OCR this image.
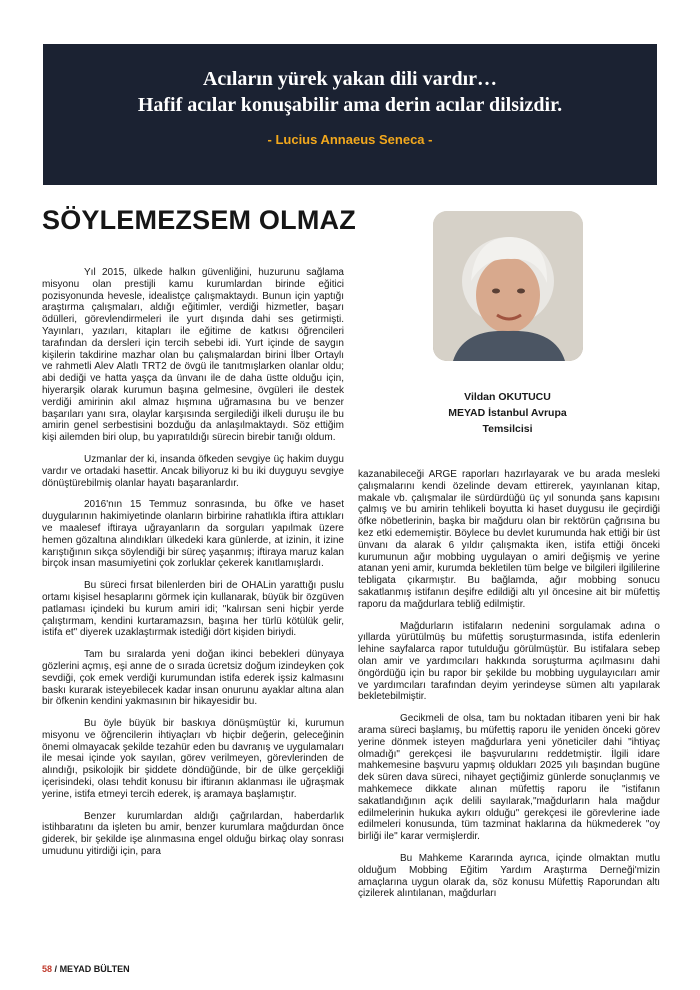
Acıların yürek yakan dili vardır…
Hafif acılar konuşabilir ama derin acılar dilsizdir.
- Lucius Annaeus Seneca -
SÖYLEMEZSEM OLMAZ
Vildan OKUTUCU
MEYAD İstanbul Avrupa
Temsilcisi

Yıl 2015, ülkede halkın güvenliğini, huzurunu sağlama misyonu olan prestijli kamu kurumlardan birinde eğitici pozisyonunda hevesle, idealistçe çalışmaktaydı. Bunun için yaptığı araştırma çalışmaları, aldığı eğitimler, verdiği hizmetler, başarı ödülleri, görevlendirmeleri ile yurt dışında dahi ses getirmişti. Yayınları, yazıları, kitapları ile eğitime de katkısı öğrencileri tarafından da dersleri için tercih sebebi idi. Yurt içinde de saygın kişilerin takdirine mazhar olan bu çalışmalardan birini İlber Ortaylı ve rahmetli Alev Alatlı TRT2 de övgü ile tanıtmışlarken olanlar oldu; abi dediği ve hatta yaşça da ünvanı ile de daha üstte olduğu için, hiyerarşik olarak kurumun başına gelmesine, övgüleri ile destek verdiği amirinin akıl almaz hışmına uğramasına bu ve benzer başarıları yanı sıra, olaylar karşısında sergilediği ilkeli duruşu ile bu amirin genel serbestisini bozduğu da anlaşılmaktaydı. Söz ettiğim kişi ailemden biri olup, bu yapıratıldığı sürecin birebir tanığı oldum.

Uzmanlar der ki, insanda öfkeden sevgiye üç hakim duygu vardır ve ortadaki hasettir. Ancak biliyoruz ki bu iki duyguyu sevgiye dönüştürebilmiş olanlar hayatı başaranlardır.

2016'nın 15 Temmuz sonrasında, bu öfke ve haset duygularının hakimiyetinde olanların birbirine rahatlıkla iftira attıkları ve maalesef iftiraya uğrayanların da sorguları yapılmak üzere hemen gözaltına alındıkları ülkedeki kara günlerde, at izinin, it izine karıştığının sıkça söylendiği bir süreç yaşanmış; iftiraya maruz kalan birçok insan masumiyetini çok zorluklar çekerek kanıtlamışlardı.

Bu süreci fırsat bilenlerden biri de OHALin yarattığı puslu ortamı kişisel hesaplarını görmek için kullanarak, büyük bir özgüven patlaması içindeki bu kurum amiri idi; "kalırsan seni hiçbir yerde çalıştırmam, kendini kurtaramazsın, başına her türlü kötülük gelir, istifa et" diyerek uzaklaştırmak istediği dört kişiden biriydi.

Tam bu sıralarda yeni doğan ikinci bebekleri dünyaya gözlerini açmış, eşi anne de o sırada ücretsiz doğum izindeyken çok sevdiği, çok emek verdiği kurumundan istifa ederek işsiz kalmasını baskı kurarak isteyebilecek kadar insan onurunu ayaklar altına alan bir öfkenin kendini yakmasının bir hikayesidir bu.

Bu öyle büyük bir baskıya dönüşmüştür ki, kurumun misyonu ve öğrencilerin ihtiyaçları vb hiçbir değerin, geleceğinin önemi olmayacak şekilde tezahür eden bu davranış ve uygulamaları ile mesai içinde yok sayılan, görev verilmeyen, görevlerinden de alındığı, psikolojik bir şiddete döndüğünde, bir de ülke gerçekliği içerisindeki, olası tehdit konusu bir iftiranın aklanması ile uğraşmak yerine, istifa etmeyi tercih ederek, iş aramaya başlamıştır.

Benzer kurumlardan aldığı çağrılardan, haberdarlık istihbaratını da işleten bu amir, benzer kurumlara mağdurdan önce giderek, bir şekilde işe alınmasına engel olduğu birkaç olay sonrası umudunu yitirdiği için, para

kazanabileceği ARGE raporları hazırlayarak ve bu arada mesleki çalışmalarını kendi özelinde devam ettirerek, yayınlanan kitap, makale vb. çalışmalar ile sürdürdüğü üç yıl sonunda şans kapısını çalmış ve bu amirin tehlikeli boyutta ki haset duygusu ile geçirdiği öfke nöbetlerinin, başka bir mağduru olan bir rektörün çağrısına bu kez etki edememiştir. Böylece bu devlet kurumunda hak ettiği bir üst ünvanı da alarak 6 yıldır çalışmakta iken, istifa ettiği önceki kurumunun ağır mobbing uygulayan o amiri değişmiş ve yerine atanan yeni amir, kurumda bekletilen tüm belge ve bilgileri ilgililerine tebligata çıkarmıştır. Bu bağlamda, ağır mobbing sonucu sakatlanmış istifanın deşifre edildiği altı yıl öncesine ait bir müfettiş raporu da mağdurlara tebliğ edilmiştir.

Mağdurların istifaların nedenini sorgulamak adına o yıllarda yürütülmüş bu müfettiş soruşturmasında, istifa edenlerin lehine sayfalarca rapor tutulduğu görülmüştür. Bu istifalara sebep olan amir ve yardımcıları hakkında soruşturma açılmasını dahi öngördüğü için bu rapor bir şekilde bu mobbing uygulayıcıları amir ve yardımcıları tarafından deyim yerindeyse sümen altı yapılarak bekletebilmiştir.

Gecikmeli de olsa, tam bu noktadan itibaren yeni bir hak arama süreci başlamış, bu müfettiş raporu ile yeniden önceki görev yerine dönmek isteyen mağdurlara yeni yöneticiler dahi "ihtiyaç olmadığı" gerekçesi ile başvurularını reddetmiştir. İlgili idare mahkemesine başvuru yapmış oldukları 2025 yılı başından bugüne dek süren dava süreci, nihayet geçtiğimiz günlerde sonuçlanmış ve mahkemece dikkate alınan müfettiş raporu ile "istifanın sakatlandığının açık delili sayılarak,"mağdurların hala mağdur edilmelerinin hukuka aykırı olduğu" gerekçesi ile görevlerine iade edilmeleri konusunda, tüm tazminat haklarına da hükmederek "oy birliği ile" karar vermişlerdir.

Bu Mahkeme Kararında ayrıca, içinde olmaktan mutlu olduğum Mobbing Eğitim Yardım Araştırma Derneği'mizin amaçlarına uygun olarak da, söz konusu Müfettiş Raporundan altı çizilerek alıntılanan, mağdurları

58 / MEYAD BÜLTEN
